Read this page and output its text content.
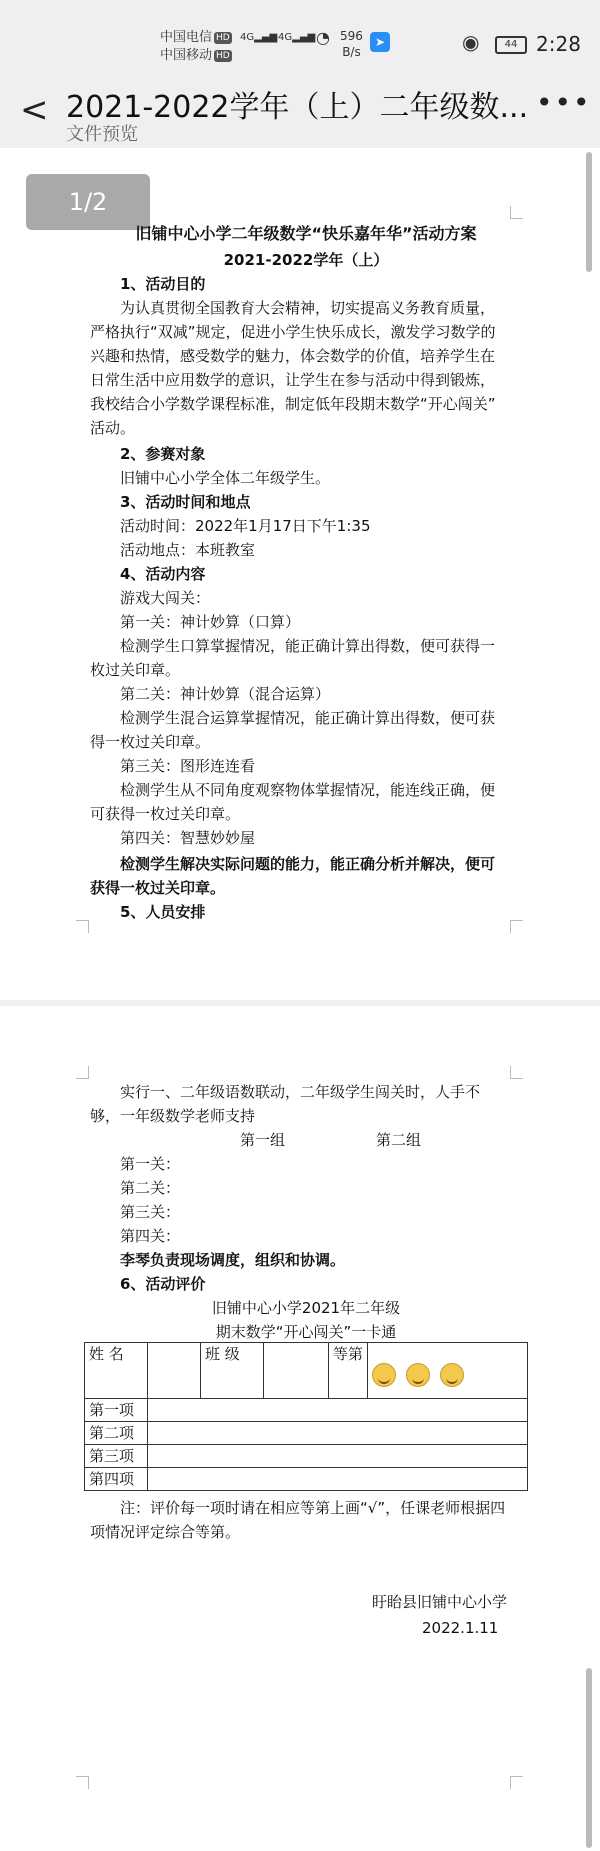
中国电信 HD
中国移动 HD
4G▂▄▆ 4G▂▄▆ ◔ 596
B/s
➤	◉	44 2:28
< 2021-2022学年（上）二年级数...
文件预览
•••
1/2
旧铺中心小学二年级数学“快乐嘉年华”活动方案
2021-2022学年（上）
1、活动目的
为认真贯彻全国教育大会精神，切实提高义务教育质量，
严格执行“双减”规定，促进小学生快乐成长，激发学习数学的
兴趣和热情，感受数学的魅力，体会数学的价值，培养学生在
日常生活中应用数学的意识，让学生在参与活动中得到锻炼，
我校结合小学数学课程标准，制定低年段期末数学“开心闯关”
活动。
2、参赛对象
旧铺中心小学全体二年级学生。
3、活动时间和地点
活动时间：2022年1月17日下午1:35
活动地点：本班教室
4、活动内容
游戏大闯关：
第一关：神计妙算（口算）
检测学生口算掌握情况，能正确计算出得数，便可获得一
枚过关印章。
第二关：神计妙算（混合运算）
检测学生混合运算掌握情况，能正确计算出得数，便可获
得一枚过关印章。
第三关：图形连连看
检测学生从不同角度观察物体掌握情况，能连线正确，便
可获得一枚过关印章。
第四关：智慧妙妙屋
检测学生解决实际问题的能力，能正确分析并解决，便可
获得一枚过关印章。
5、人员安排
实行一、二年级语数联动，二年级学生闯关时，人手不
够，一年级数学老师支持
第一组	第二组
第一关：
第二关：
第三关：
第四关：
李琴负责现场调度，组织和协调。
6、活动评价
旧铺中心小学2021年二年级
期末数学“开心闯关”一卡通
姓 名		班 级		等第	
第一项					
第二项					
第三项					
第四项					
注：评价每一项时请在相应等第上画“√”，任课老师根据四
项情况评定综合等第。
盱眙县旧铺中心小学
2022.1.11
